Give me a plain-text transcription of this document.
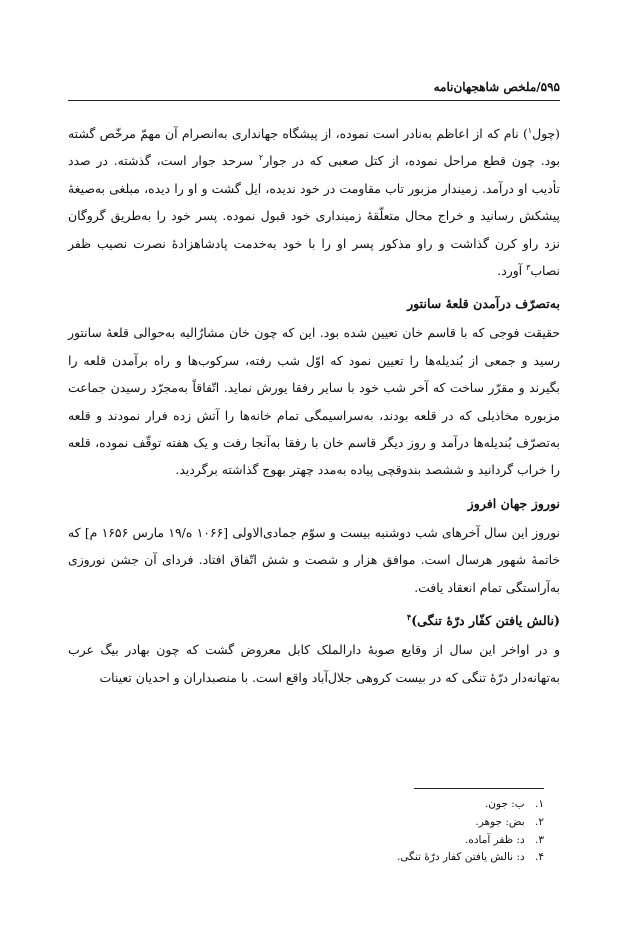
۵۹۵/ملخص شاهجهان‌نامه

(چول$^۱$) نام که از اعاظم به‌نادر است نموده، از پیشگاه جهانداری به‌انصرام آن مهمّ مرخّص گشته بود. چون قطع مراحل نموده، از کتل صعبی که در جوار$^۲$ سرحد جوار است، گذشته. در صدد تأدیب او درآمد. زمیندار مزبور تاب مقاومت در خود ندیده، ایل گشت و او را دیده، مبلغی به‌صیغهٔ پیشکش رسانید و خراج محال متعلّقهٔ زمینداری خود قبول نموده. پسر خود را به‌طریق گروگان نزد راو کرن گذاشت و راو مذکور پسر او را با خود به‌خدمت پادشاهزادهٔ نصرت نصیب ظفر نصاب$^۳$ آورد.

به‌تصرّف درآمدن قلعهٔ سانتور

حقیقت فوجی که با قاسم خان تعیین شده بود. این که چون خان مشارٌالیه به‌حوالی قلعهٔ سانتور رسید و جمعی از بُندیله‌ها را تعیین نمود که اوّل شب رفته، سرکوب‌ها و راه برآمدن قلعه را بگیرند و مقرّر ساخت که آخر شب خود با سایر رفقا یورش نماید. اتّفاقاً به‌مجرّد رسیدن جماعت مزبوره مخاذیلی که در قلعه بودند، به‌سراسیمگی تمام خانه‌ها را آتش زده فرار نمودند و قلعه به‌تصرّف بُندیله‌ها درآمد و روز دیگر قاسم خان با رفقا به‌آنجا رفت و یک هفته توقّف نموده، قلعه را خراب گردانید و ششصد بندوقچی پیاده به‌مدد چهتر بهوج گذاشته برگردید.

نوروز جهان افروز

نوروز این سال آخرهای شب دوشنبه بیست و سوّم جمادی‌الاولی [۱۰۶۶ ه/۱۹ مارس ۱۶۵۶ م] که خاتمهٔ شهور هرسال است. موافق هزار و شصت و شش اتّفاق افتاد. فردای آن جشن نوروزی به‌آراستگی تمام انعقاد یافت.

(نالش یافتن کفّار درّهٔ تنگی)$^۴$

و در اواخر این سال از وقایع صوبهٔ دارالملک کابل معروض گشت که چون بهادر بیگ عرب به‌تهانه‌دار درّهٔ تنگی که در بیست کروهی جلال‌آباد واقع است. با منصبداران و احدیان تعینات

۱. ب: جون.
۲. بض: جوهر.
۳. د: ظفر آماده.
۴. د: نالش یافتن کفار درّهٔ تنگی.
